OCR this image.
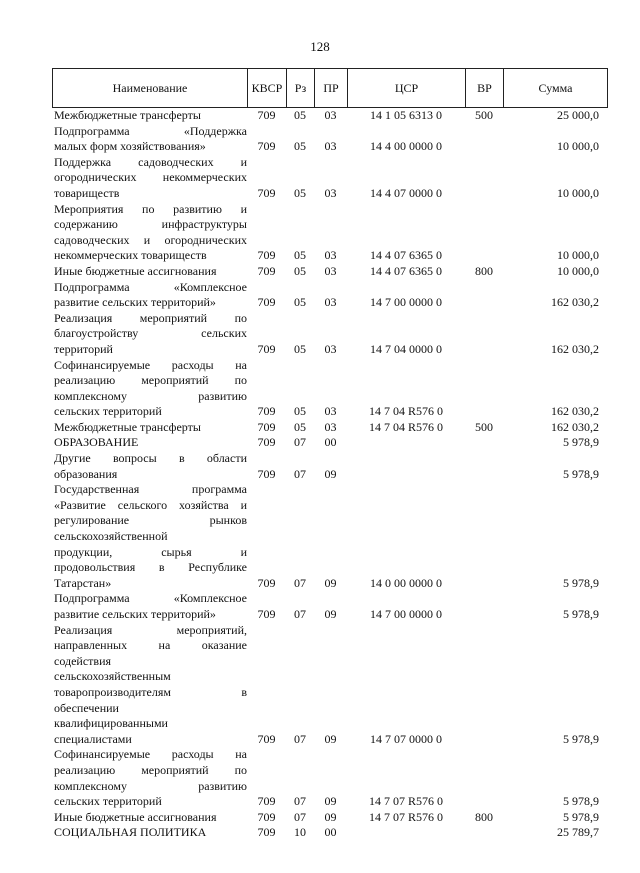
128
Наименование	КВСР	Рз	ПР	ЦСР	ВР	Сумма
Межбюджетные трансферты	709	05	03	14 1 05 6313 0	500	25 000,0
Подпрограмма «Поддержка
малых форм хозяйствования»	709	05	03	14 4 00 0000 0	10 000,0
Поддержка садоводческих и
огороднических некоммерческих
товариществ	709	05	03	14 4 07 0000 0	10 000,0
Мероприятия по развитию и
содержанию инфраструктуры
садоводческих и огороднических
некоммерческих товариществ	709	05	03	14 4 07 6365 0	10 000,0
Иные бюджетные ассигнования	709	05	03	14 4 07 6365 0	800	10 000,0
Подпрограмма «Комплексное
развитие сельских территорий»	709	05	03	14 7 00 0000 0	162 030,2
Реализация мероприятий по
благоустройству сельских
территорий	709	05	03	14 7 04 0000 0	162 030,2
Софинансируемые расходы на
реализацию мероприятий по
комплексному развитию
сельских территорий	709	05	03	14 7 04 R576 0	162 030,2
Межбюджетные трансферты	709	05	03	14 7 04 R576 0	500	162 030,2
ОБРАЗОВАНИЕ	709	07	00	5 978,9
Другие вопросы в области
образования	709	07	09	5 978,9
Государственная программа
«Развитие сельского хозяйства и
регулирование рынков
сельскохозяйственной
продукции, сырья и
продовольствия в Республике
Татарстан»	709	07	09	14 0 00 0000 0	5 978,9
Подпрограмма «Комплексное
развитие сельских территорий»	709	07	09	14 7 00 0000 0	5 978,9
Реализация мероприятий,
направленных на оказание
содействия
сельскохозяйственным
товаропроизводителям в
обеспечении
квалифицированными
специалистами	709	07	09	14 7 07 0000 0	5 978,9
Софинансируемые расходы на
реализацию мероприятий по
комплексному развитию
сельских территорий	709	07	09	14 7 07 R576 0	5 978,9
Иные бюджетные ассигнования	709	07	09	14 7 07 R576 0	800	5 978,9
СОЦИАЛЬНАЯ ПОЛИТИКА	709	10	00	25 789,7
